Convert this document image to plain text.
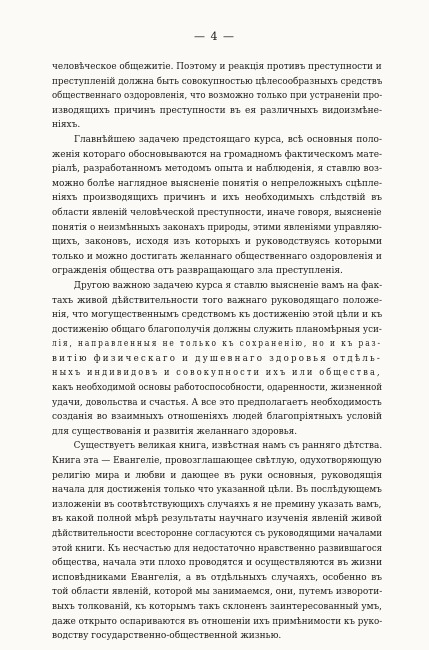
— 4 —
человѣческое общежитіе. Поэтому и реакція противъ преступности и
преступленій должна быть совокупностью цѣлесообразныхъ средствъ
общественнаго оздоровленія, что возможно только при устраненіи про-
изводящихъ причинъ преступности въ ея различныхъ видоизмѣне-
ніяхъ.
Главнѣйшею задачею предстоящаго курса, всѣ основныя поло-
женія котораго обосновываются на громадномъ фактическомъ мате-
ріалѣ, разработанномъ методомъ опыта и наблюденія, я ставлю воз-
можно болѣе наглядное выясненіе понятія о непреложныхъ сцѣпле-
ніяхъ производящихъ причинъ и ихъ необходимыхъ слѣдствій въ
области явленій человѣческой преступности, иначе говоря, выясненіе
понятія о неизмѣнныхъ законахъ природы, этими явленіями управляю-
щихъ, законовъ, исходя изъ которыхъ и руководствуясь которыми
только и можно достигать желаннаго общественнаго оздоровленія и
огражденія общества отъ развращающаго зла преступленія.
Другою важною задачею курса я ставлю выясненіе вамъ на фак-
тахъ живой дѣйствительности того важнаго руководящаго положе-
нія, что могущественнымъ средствомъ къ достиженію этой цѣли и къ
достиженію общаго благополучія должны служить планомѣрныя уси-
лія, направленныя не только къ сохраненію, но и къ раз-
витію физическаго и душевнаго здоровья отдѣль-
ныхъ индивидовъ и совокупности ихъ или общества,
какъ необходимой основы работоспособности, одаренности, жизненной
удачи, довольства и счастья. А все это предполагаетъ необходимость
созданія во взаимныхъ отношеніяхъ людей благопріятныхъ условій
для существованія и развитія желаннаго здоровья.
Существуетъ великая книга, извѣстная намъ съ ранняго дѣтства.
Книга эта — Евангеліе, провозглашающее свѣтлую, одухотворяющую
религію мира и любви и дающее въ руки основныя, руководящія
начала для достиженія только что указанной цѣли. Въ послѣдующемъ
изложеніи въ соотвѣтствующихъ случаяхъ я не премину указать вамъ,
въ какой полной мѣрѣ результаты научнаго изученія явленій живой
дѣйствительности всесторонне согласуются съ руководящими началами
этой книги. Къ несчастью для недостаточно нравственно развившагося
общества, начала эти плохо проводятся и осуществляются въ жизни
исповѣдниками Евангелія, а въ отдѣльныхъ случаяхъ, особенно въ
той области явленій, которой мы занимаемся, они, путемъ извороти-
выхъ толкованій, къ которымъ такъ склоненъ заинтересованный умъ,
даже открыто оспариваются въ отношеніи ихъ примѣнимости къ руко-
водству государственно-общественной жизнью.
